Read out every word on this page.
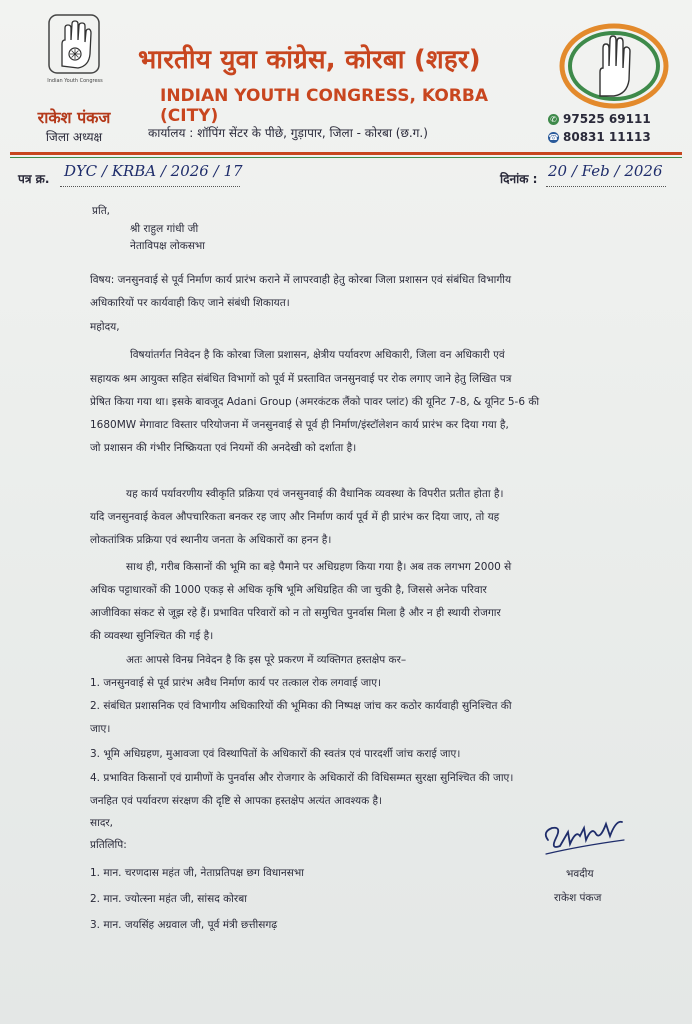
Indian Youth Congress
राकेश पंकज
जिला अध्यक्ष
भारतीय युवा कांग्रेस, कोरबा (शहर)
INDIAN YOUTH CONGRESS, KORBA (CITY)
कार्यालय : शॉपिंग सेंटर के पीछे, गुड़ापार, जिला - कोरबा (छ.ग.)
✆ 97525 69111
☎ 80831 11113
पत्र क्र. DYC / KRBA / 2026 / 17	दिनांक : 20 / Feb / 2026
प्रति,
श्री राहुल गांधी जी
नेताविपक्ष लोकसभा
विषय: जनसुनवाई से पूर्व निर्माण कार्य प्रारंभ कराने में लापरवाही हेतु कोरबा जिला प्रशासन एवं संबंधित विभागीय
अधिकारियों पर कार्यवाही किए जाने संबंधी शिकायत।
महोदय,
विषयांतर्गत निवेदन है कि कोरबा जिला प्रशासन, क्षेत्रीय पर्यावरण अधिकारी, जिला वन अधिकारी एवं
सहायक श्रम आयुक्त सहित संबंधित विभागों को पूर्व में प्रस्तावित जनसुनवाई पर रोक लगाए जाने हेतु लिखित पत्र
प्रेषित किया गया था। इसके बावजूद Adani Group (अमरकंटक लैंको पावर प्लांट) की यूनिट 7-8, & यूनिट 5-6 की
1680MW मेगावाट विस्तार परियोजना में जनसुनवाई से पूर्व ही निर्माण/इंस्टॉलेशन कार्य प्रारंभ कर दिया गया है,
जो प्रशासन की गंभीर निष्क्रियता एवं नियमों की अनदेखी को दर्शाता है।
यह कार्य पर्यावरणीय स्वीकृति प्रक्रिया एवं जनसुनवाई की वैधानिक व्यवस्था के विपरीत प्रतीत होता है।
यदि जनसुनवाई केवल औपचारिकता बनकर रह जाए और निर्माण कार्य पूर्व में ही प्रारंभ कर दिया जाए, तो यह
लोकतांत्रिक प्रक्रिया एवं स्थानीय जनता के अधिकारों का हनन है।
साथ ही, गरीब किसानों की भूमि का बड़े पैमाने पर अधिग्रहण किया गया है। अब तक लगभग 2000 से
अधिक पट्टाधारकों की 1000 एकड़ से अधिक कृषि भूमि अधिग्रहित की जा चुकी है, जिससे अनेक परिवार
आजीविका संकट से जूझ रहे हैं। प्रभावित परिवारों को न तो समुचित पुनर्वास मिला है और न ही स्थायी रोजगार
की व्यवस्था सुनिश्चित की गई है।
अतः आपसे विनम्र निवेदन है कि इस पूरे प्रकरण में व्यक्तिगत हस्तक्षेप कर–
1. जनसुनवाई से पूर्व प्रारंभ अवैध निर्माण कार्य पर तत्काल रोक लगवाई जाए।
2. संबंधित प्रशासनिक एवं विभागीय अधिकारियों की भूमिका की निष्पक्ष जांच कर कठोर कार्यवाही सुनिश्चित की
जाए।
3. भूमि अधिग्रहण, मुआवजा एवं विस्थापितों के अधिकारों की स्वतंत्र एवं पारदर्शी जांच कराई जाए।
4. प्रभावित किसानों एवं ग्रामीणों के पुनर्वास और रोजगार के अधिकारों की विधिसम्मत सुरक्षा सुनिश्चित की जाए।
जनहित एवं पर्यावरण संरक्षण की दृष्टि से आपका हस्तक्षेप अत्यंत आवश्यक है।
सादर,
प्रतिलिपि:
1. मान. चरणदास महंत जी, नेताप्रतिपक्ष छग विधानसभा
2. मान. ज्योत्स्ना महंत जी, सांसद कोरबा
3. मान. जयसिंह अग्रवाल जी, पूर्व मंत्री छत्तीसगढ़
भवदीय
राकेश पंकज
